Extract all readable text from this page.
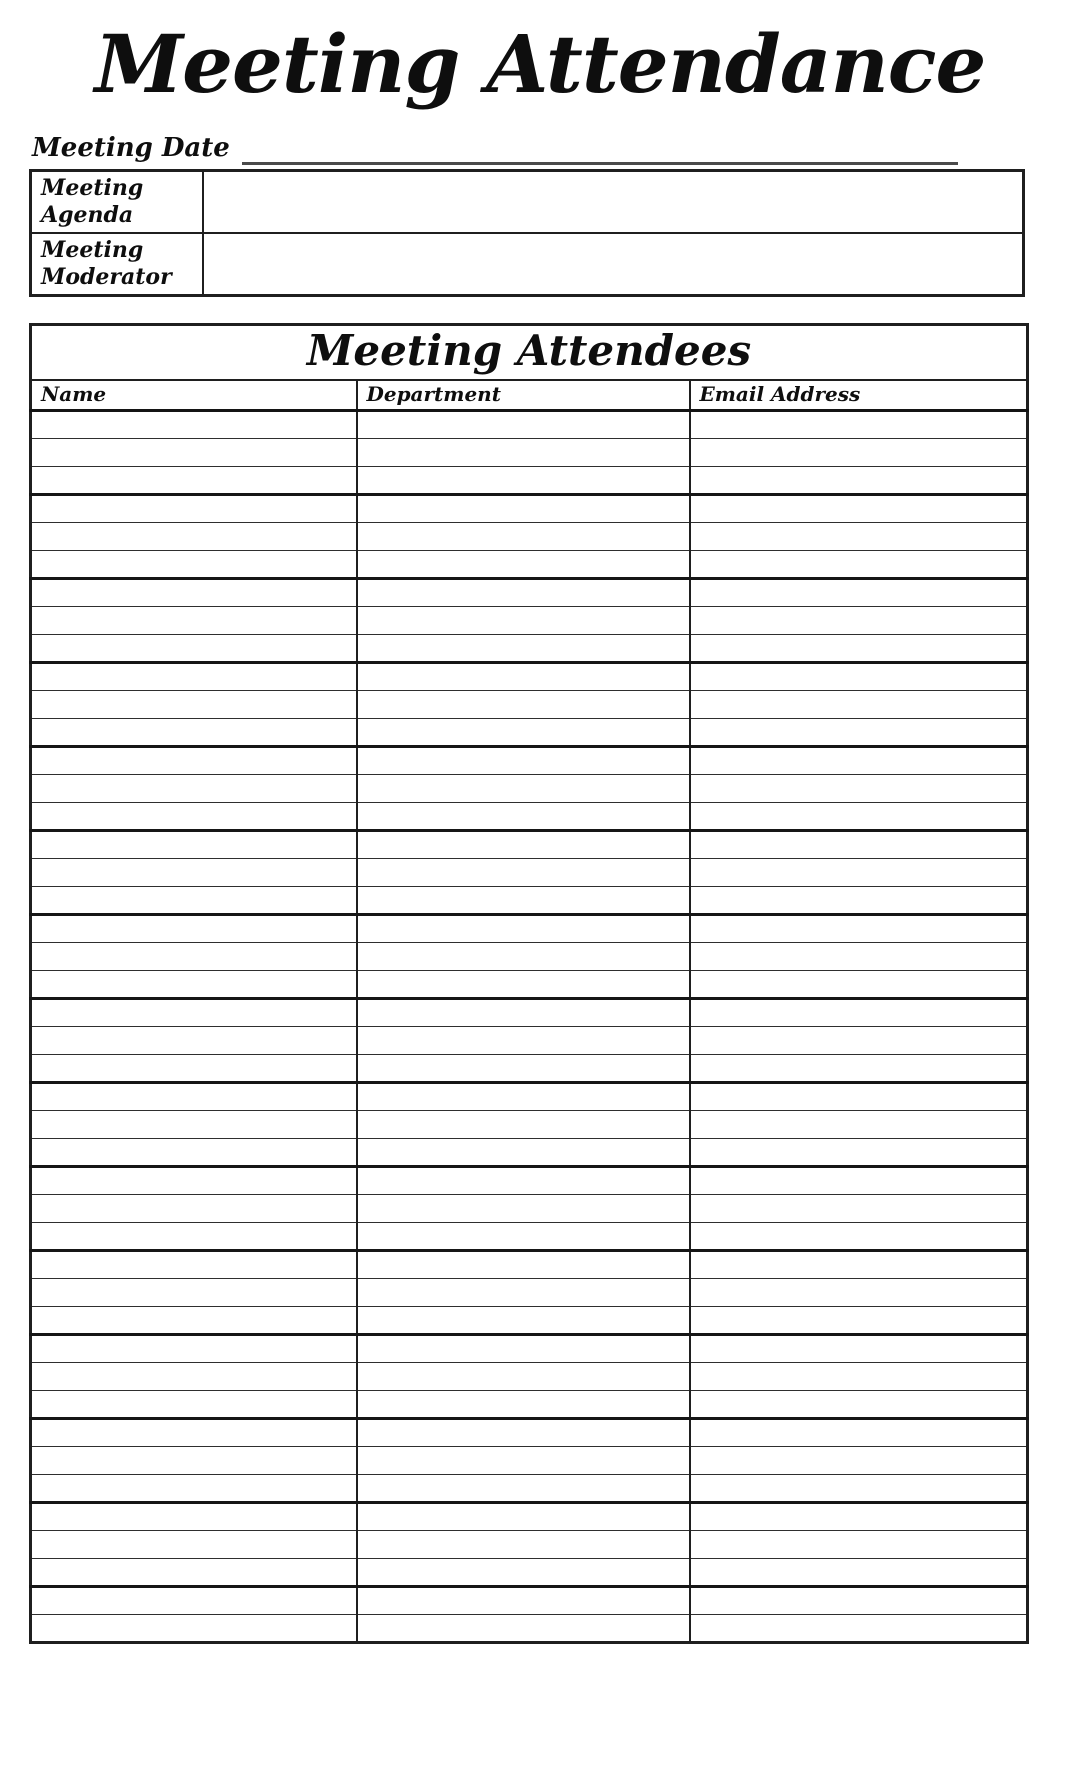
Meeting Attendance
Meeting Date
Meeting Agenda	
Meeting Moderator	
Meeting Attendees		
Name	Department	Email Address
